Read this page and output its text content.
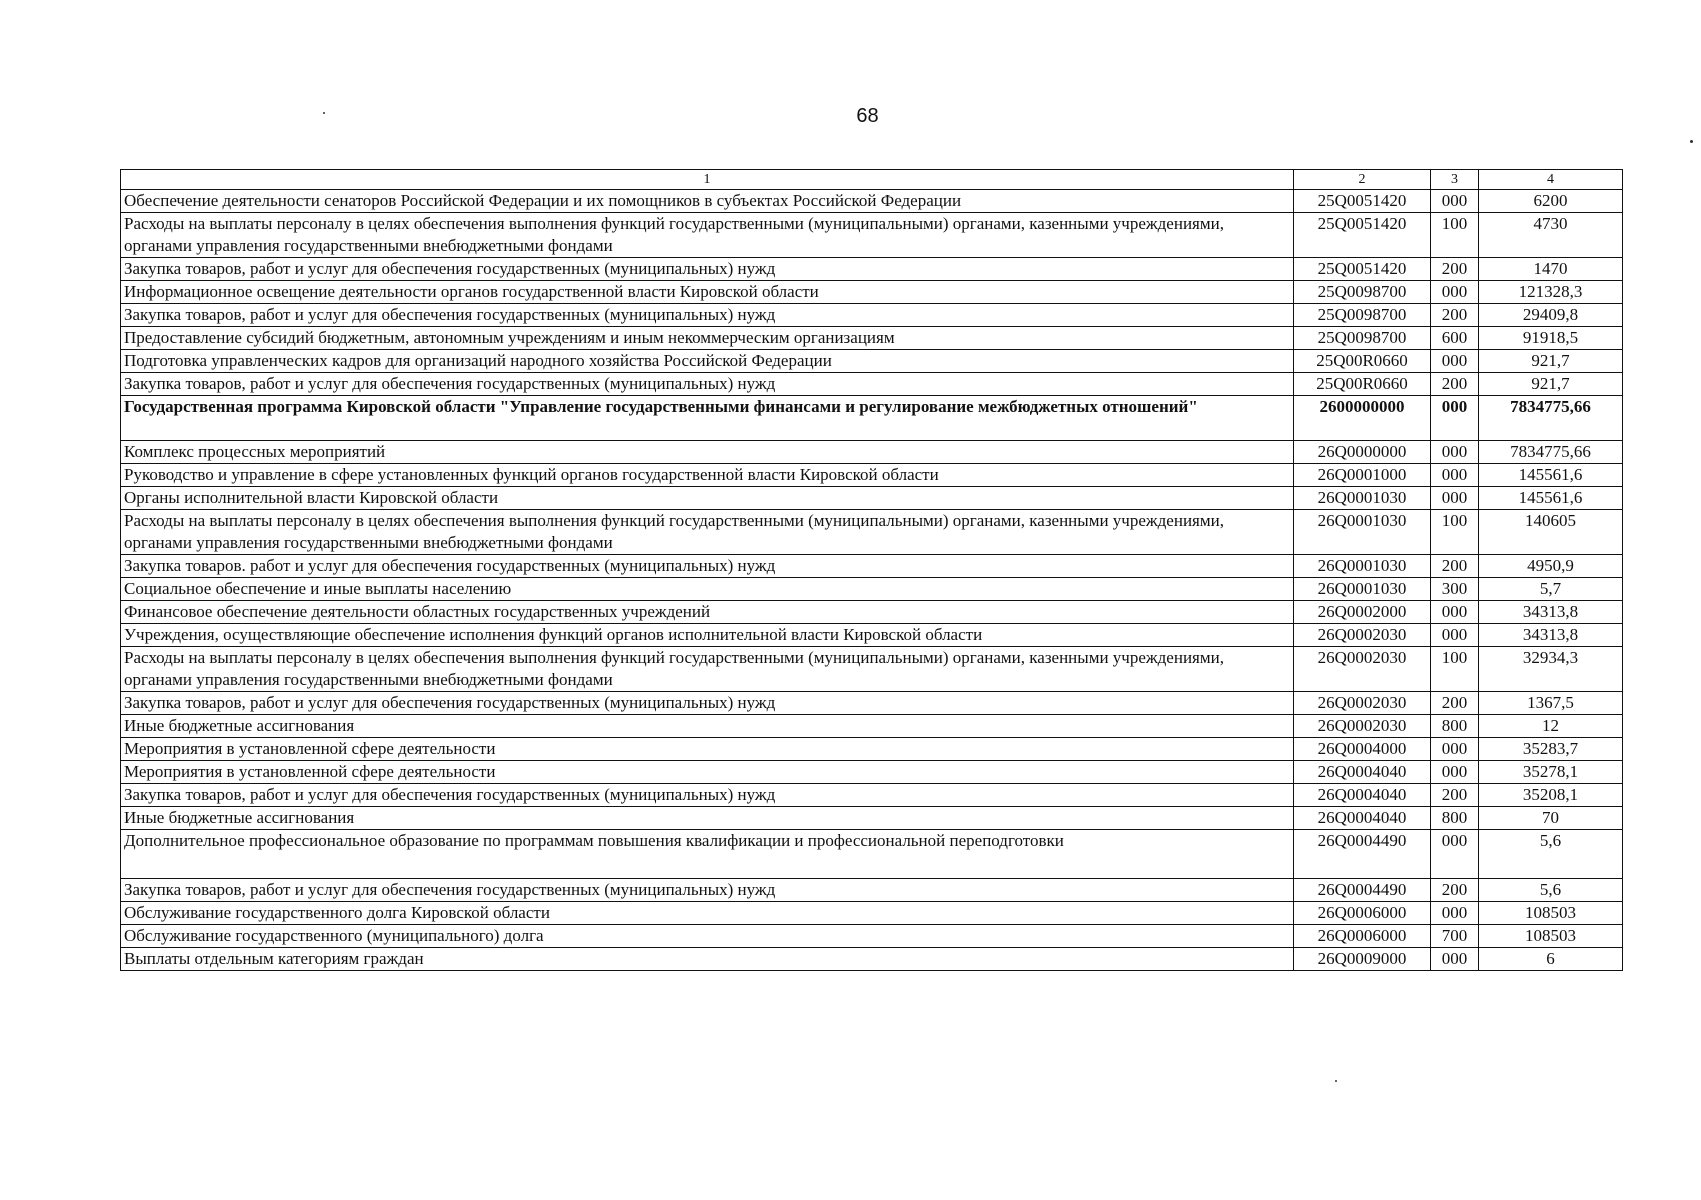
68
1	2	3	4
Обеспечение деятельности сенаторов Российской Федерации и их помощников в субъектах Российской Федерации	25Q0051420	000	6200
Расходы на выплаты персоналу в целях обеспечения выполнения функций государственными (муниципальными) органами, казенными учреждениями, органами управления государственными внебюджетными фондами	25Q0051420	100	4730
Закупка товаров, работ и услуг для обеспечения государственных (муниципальных) нужд	25Q0051420	200	1470
Информационное освещение деятельности органов государственной власти Кировской области	25Q0098700	000	121328,3
Закупка товаров, работ и услуг для обеспечения государственных (муниципальных) нужд	25Q0098700	200	29409,8
Предоставление субсидий бюджетным, автономным учреждениям и иным некоммерческим организациям	25Q0098700	600	91918,5
Подготовка управленческих кадров для организаций народного хозяйства Российской Федерации	25Q00R0660	000	921,7
Закупка товаров, работ и услуг для обеспечения государственных (муниципальных) нужд	25Q00R0660	200	921,7
Государственная программа Кировской области "Управление государственными финансами и регулирование межбюджетных отношений"	2600000000	000	7834775,66
Комплекс процессных мероприятий	26Q0000000	000	7834775,66
Руководство и управление в сфере установленных функций органов государственной власти Кировской области	26Q0001000	000	145561,6
Органы исполнительной власти Кировской области	26Q0001030	000	145561,6
Расходы на выплаты персоналу в целях обеспечения выполнения функций государственными (муниципальными) органами, казенными учреждениями, органами управления государственными внебюджетными фондами	26Q0001030	100	140605
Закупка товаров. работ и услуг для обеспечения государственных (муниципальных) нужд	26Q0001030	200	4950,9
Социальное обеспечение и иные выплаты населению	26Q0001030	300	5,7
Финансовое обеспечение деятельности областных государственных учреждений	26Q0002000	000	34313,8
Учреждения, осуществляющие обеспечение исполнения функций органов исполнительной власти Кировской области	26Q0002030	000	34313,8
Расходы на выплаты персоналу в целях обеспечения выполнения функций государственными (муниципальными) органами, казенными учреждениями, органами управления государственными внебюджетными фондами	26Q0002030	100	32934,3
Закупка товаров, работ и услуг для обеспечения государственных (муниципальных) нужд	26Q0002030	200	1367,5
Иные бюджетные ассигнования	26Q0002030	800	12
Мероприятия в установленной сфере деятельности	26Q0004000	000	35283,7
Мероприятия в установленной сфере деятельности	26Q0004040	000	35278,1
Закупка товаров, работ и услуг для обеспечения государственных (муниципальных) нужд	26Q0004040	200	35208,1
Иные бюджетные ассигнования	26Q0004040	800	70
Дополнительное профессиональное образование по программам повышения квалификации и профессиональной переподготовки	26Q0004490	000	5,6
Закупка товаров, работ и услуг для обеспечения государственных (муниципальных) нужд	26Q0004490	200	5,6
Обслуживание государственного долга Кировской области	26Q0006000	000	108503
Обслуживание государственного (муниципального) долга	26Q0006000	700	108503
Выплаты отдельным категориям граждан	26Q0009000	000	6
